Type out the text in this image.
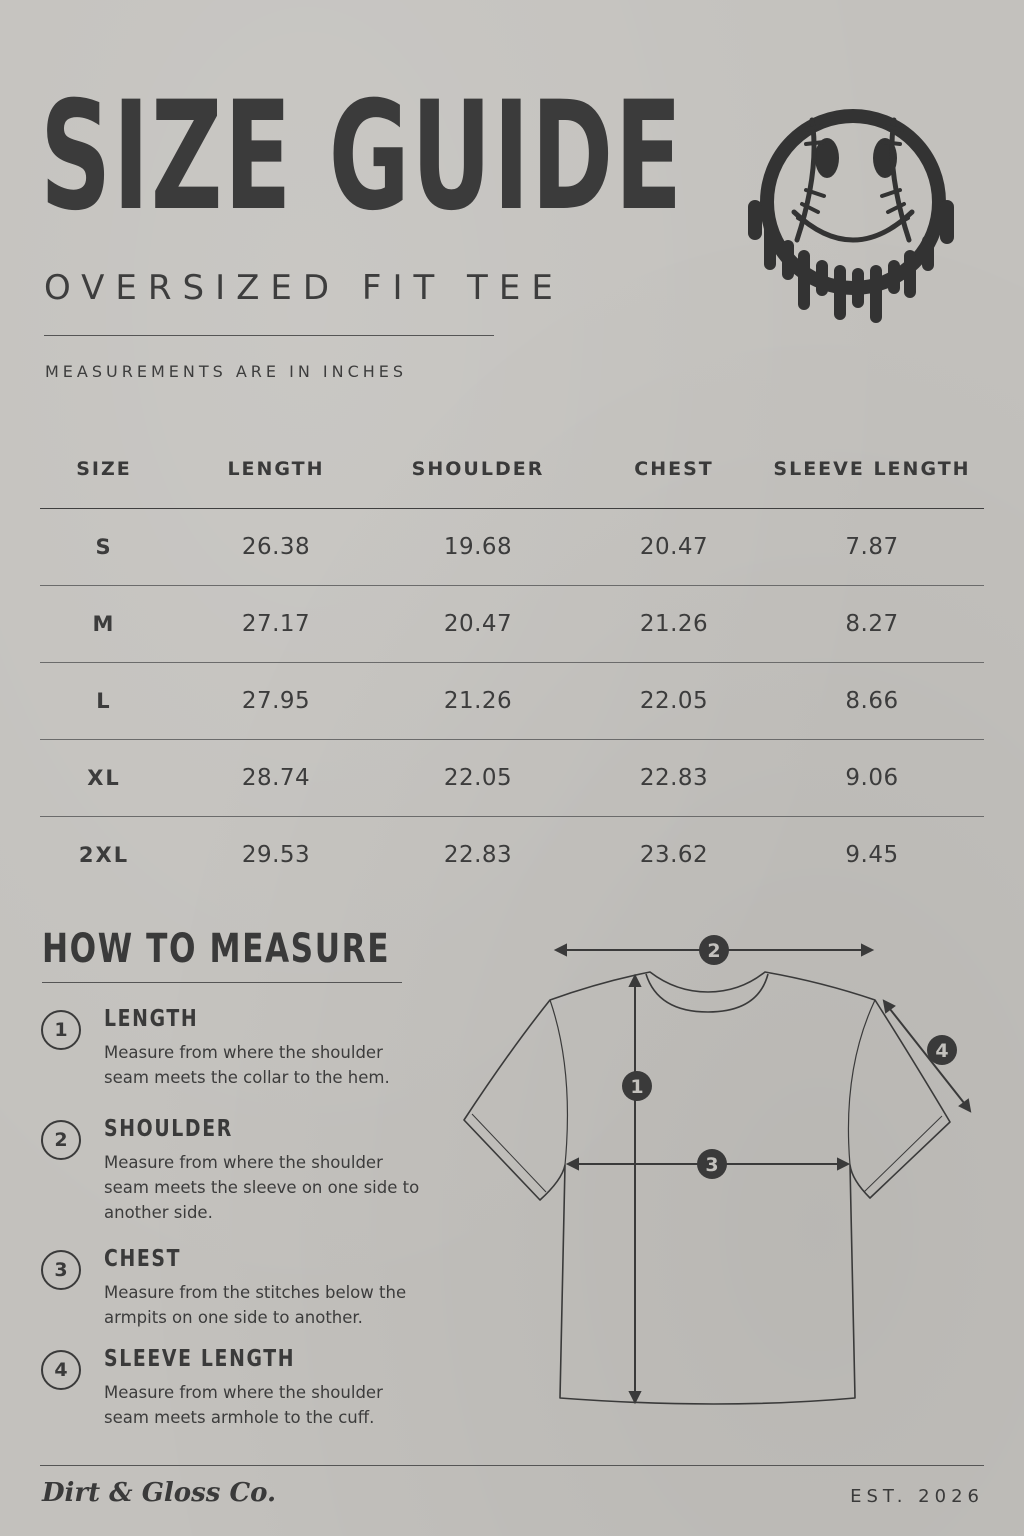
SIZE GUIDE
OVERSIZED FIT TEE
MEASUREMENTS ARE IN INCHES
SIZE	LENGTH	SHOULDER	CHEST	SLEEVE LENGTH
S	26.38	19.68	20.47	7.87
M	27.17	20.47	21.26	8.27
L	27.95	21.26	22.05	8.66
XL	28.74	22.05	22.83	9.06
2XL	29.53	22.83	23.62	9.45
HOW TO MEASURE
1	LENGTH
Measure from where the shoulder seam meets the collar to the hem.
2	SHOULDER
Measure from where the shoulder seam meets the sleeve on one side to another side.
3	CHEST
Measure from the stitches below the armpits on one side to another.
4	SLEEVE LENGTH
Measure from where the shoulder seam meets armhole to the cuff.
2
1
3
4
Dirt & Gloss Co.	EST. 2026
